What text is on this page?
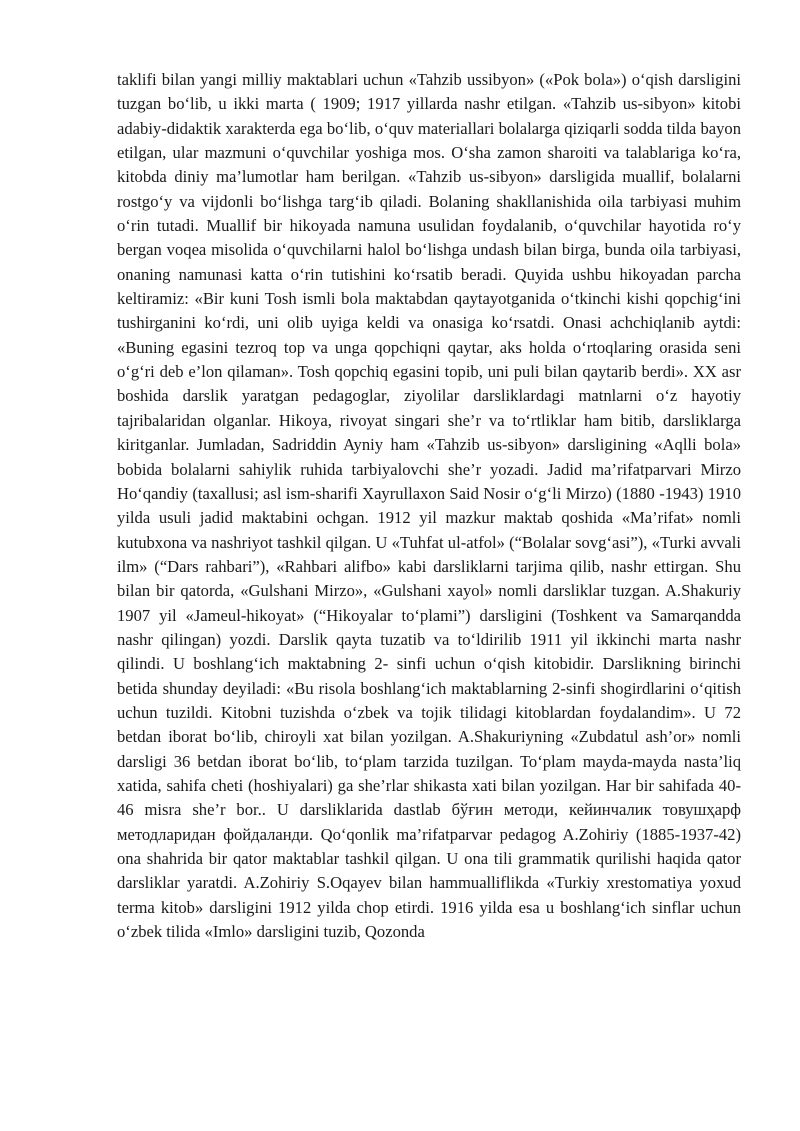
taklifi bilan yangi milliy maktablari uchun «Tahzib ussibyon» («Pok bola») o‘qish darsligini tuzgan bo‘lib, u ikki marta ( 1909; 1917 yillarda nashr etilgan. «Tahzib us-sibyon» kitobi adabiy-didaktik xarakterda ega bo‘lib, o‘quv materiallari bolalarga qiziqarli sodda tilda bayon etilgan, ular mazmuni o‘quvchilar yoshiga mos. O‘sha zamon sharoiti va talablariga ko‘ra, kitobda diniy ma’lumotlar ham berilgan. «Tahzib us-sibyon» darsligida muallif, bolalarni rostgo‘y va vijdonli bo‘lishga targ‘ib qiladi. Bolaning shakllanishida oila tarbiyasi muhim o‘rin tutadi. Muallif bir hikoyada namuna usulidan foydalanib, o‘quvchilar hayotida ro‘y bergan voqea misolida o‘quvchilarni halol bo‘lishga undash bilan birga, bunda oila tarbiyasi, onaning namunasi katta o‘rin tutishini ko‘rsatib beradi. Quyida ushbu hikoyadan parcha keltiramiz: «Bir kuni Tosh ismli bola maktabdan qaytayotganida o‘tkinchi kishi qopchig‘ini tushirganini ko‘rdi, uni olib uyiga keldi va onasiga ko‘rsatdi. Onasi achchiqlanib aytdi: «Buning egasini tezroq top va unga qopchiqni qaytar, aks holda o‘rtoqlaring orasida seni o‘g‘ri deb e’lon qilaman». Tosh qopchiq egasini topib, uni puli bilan qaytarib berdi». XX asr boshida darslik yaratgan pedagoglar, ziyolilar darsliklardagi matnlarni o‘z hayotiy tajribalaridan olganlar. Hikoya, rivoyat singari she’r va to‘rtliklar ham bitib, darsliklarga kiritganlar. Jumladan, Sadriddin Ayniy ham «Tahzib us-sibyon» darsligining «Aqlli bola» bobida bolalarni sahiylik ruhida tarbiyalovchi she’r yozadi. Jadid ma’rifatparvari Mirzo Ho‘qandiy (taxallusi; asl ism-sharifi Xayrullaxon Said Nosir o‘g‘li Mirzo) (1880 -1943) 1910 yilda usuli jadid maktabini ochgan. 1912 yil mazkur maktab qoshida «Ma’rifat» nomli kutubxona va nashriyot tashkil qilgan. U «Tuhfat ul-atfol» (“Bolalar sovg‘asi”), «Turki avvali ilm» (“Dars rahbari”), «Rahbari alifbo» kabi darsliklarni tarjima qilib, nashr ettirgan. Shu bilan bir qatorda, «Gulshani Mirzo», «Gulshani xayol» nomli darsliklar tuzgan. A.Shakuriy 1907 yil «Jameul-hikoyat» (“Hikoyalar to‘plami”) darsligini (Toshkent va Samarqandda nashr qilingan) yozdi. Darslik qayta tuzatib va to‘ldirilib 1911 yil ikkinchi marta nashr qilindi. U boshlang‘ich maktabning 2- sinfi uchun o‘qish kitobidir. Darslikning birinchi betida shunday deyiladi: «Bu risola boshlang‘ich maktablarning 2-sinfi shogirdlarini o‘qitish uchun tuzildi. Kitobni tuzishda o‘zbek va tojik tilidagi kitoblardan foydalandim». U 72 betdan iborat bo‘lib, chiroyli xat bilan yozilgan. A.Shakuriyning «Zubdatul ash’or» nomli darsligi 36 betdan iborat bo‘lib, to‘plam tarzida tuzilgan. To‘plam mayda-mayda nasta’liq xatida, sahifa cheti (hoshiyalari) ga she’rlar shikasta xati bilan yozilgan. Har bir sahifada 40-46 misra she’r bor.. U darsliklarida dastlab бўғин методи, кейинчалик товушҳарф методларидан фойдаланди. Qo‘qonlik ma’rifatparvar pedagog A.Zohiriy (1885-1937-42) ona shahrida bir qator maktablar tashkil qilgan. U ona tili grammatik qurilishi haqida qator darsliklar yaratdi. A.Zohiriy S.Oqayev bilan hammualliflikda «Turkiy xrestomatiya yoxud terma kitob» darsligini 1912 yilda chop etirdi. 1916 yilda esa u boshlang‘ich sinflar uchun o‘zbek tilida «Imlo» darsligini tuzib, Qozonda
